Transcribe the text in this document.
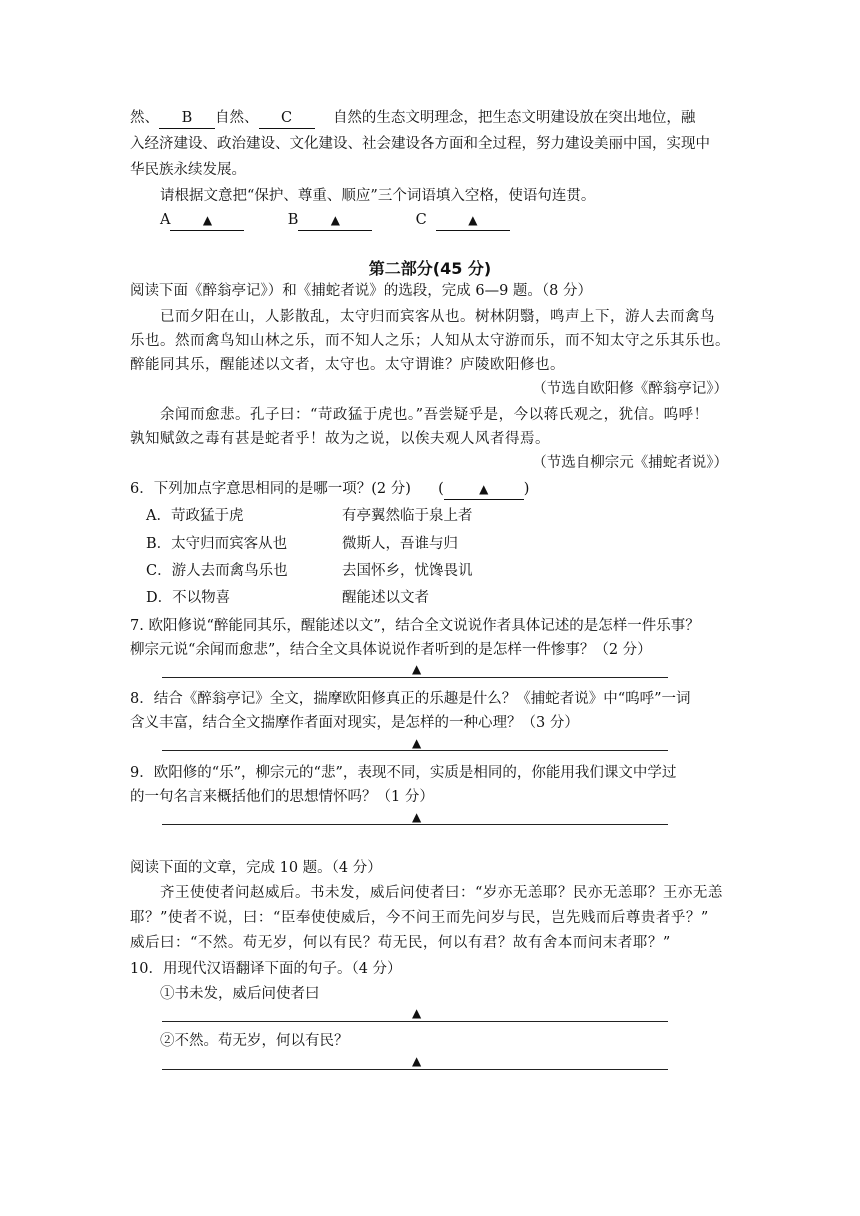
然、 B 自然、 C	自然的生态文明理念，把生态文明建设放在突出地位，融
入经济建设、政治建设、文化建设、社会建设各方面和全过程，努力建设美丽中国，实现中
华民族永续发展。
请根据文意把“保护、尊重、顺应”三个词语填入空格，使语句连贯。
A	▲	B	▲	C	▲
第二部分(45 分)
阅读下面《醉翁亭记》）和《捕蛇者说》的选段，完成 6—9 题。（8 分）
已而夕阳在山，人影散乱，太守归而宾客从也。树林阴翳，鸣声上下，游人去而禽鸟
乐也。然而禽鸟知山林之乐，而不知人之乐；人知从太守游而乐，而不知太守之乐其乐也。
醉能同其乐，醒能述以文者，太守也。太守谓谁？庐陵欧阳修也。
（节选自欧阳修《醉翁亭记》）
余闻而愈悲。孔子曰：“苛政猛于虎也。”吾尝疑乎是，今以蒋氏观之，犹信。呜呼！
孰知赋敛之毒有甚是蛇者乎！故为之说，以俟夫观人风者得焉。
（节选自柳宗元《捕蛇者说》）
6．下列加点字意思相同的是哪一项？(2 分) (	▲ )
A．苛政猛于虎	有亭翼然临于泉上者
B．太守归而宾客从也	微斯人，吾谁与归
C．游人去而禽鸟乐也	去国怀乡，忧馋畏讥
D．不以物喜	醒能述以文者
7. 欧阳修说“醉能同其乐，醒能述以文”，结合全文说说作者具体记述的是怎样一件乐事？
柳宗元说“余闻而愈悲”，结合全文具体说说作者听到的是怎样一件惨事？（2 分）
▲
8．结合《醉翁亭记》全文，揣摩欧阳修真正的乐趣是什么？《捕蛇者说》中“呜呼”一词
含义丰富，结合全文揣摩作者面对现实，是怎样的一种心理？（3 分）
▲
9．欧阳修的“乐”，柳宗元的“悲”，表现不同，实质是相同的，你能用我们课文中学过
的一句名言来概括他们的思想情怀吗？（1 分）
▲
阅读下面的文章，完成 10 题。（4 分）
齐王使使者问赵威后。书未发，威后问使者曰：“岁亦无恙耶？民亦无恙耶？王亦无恙
耶？”使者不说，曰：“臣奉使使威后，今不问王而先问岁与民，岂先贱而后尊贵者乎？”
威后曰：“不然。苟无岁，何以有民？苟无民，何以有君？故有舍本而问末者耶？”
10．用现代汉语翻译下面的句子。（4 分）
①书未发，威后问使者曰
▲
②不然。苟无岁，何以有民？
▲
